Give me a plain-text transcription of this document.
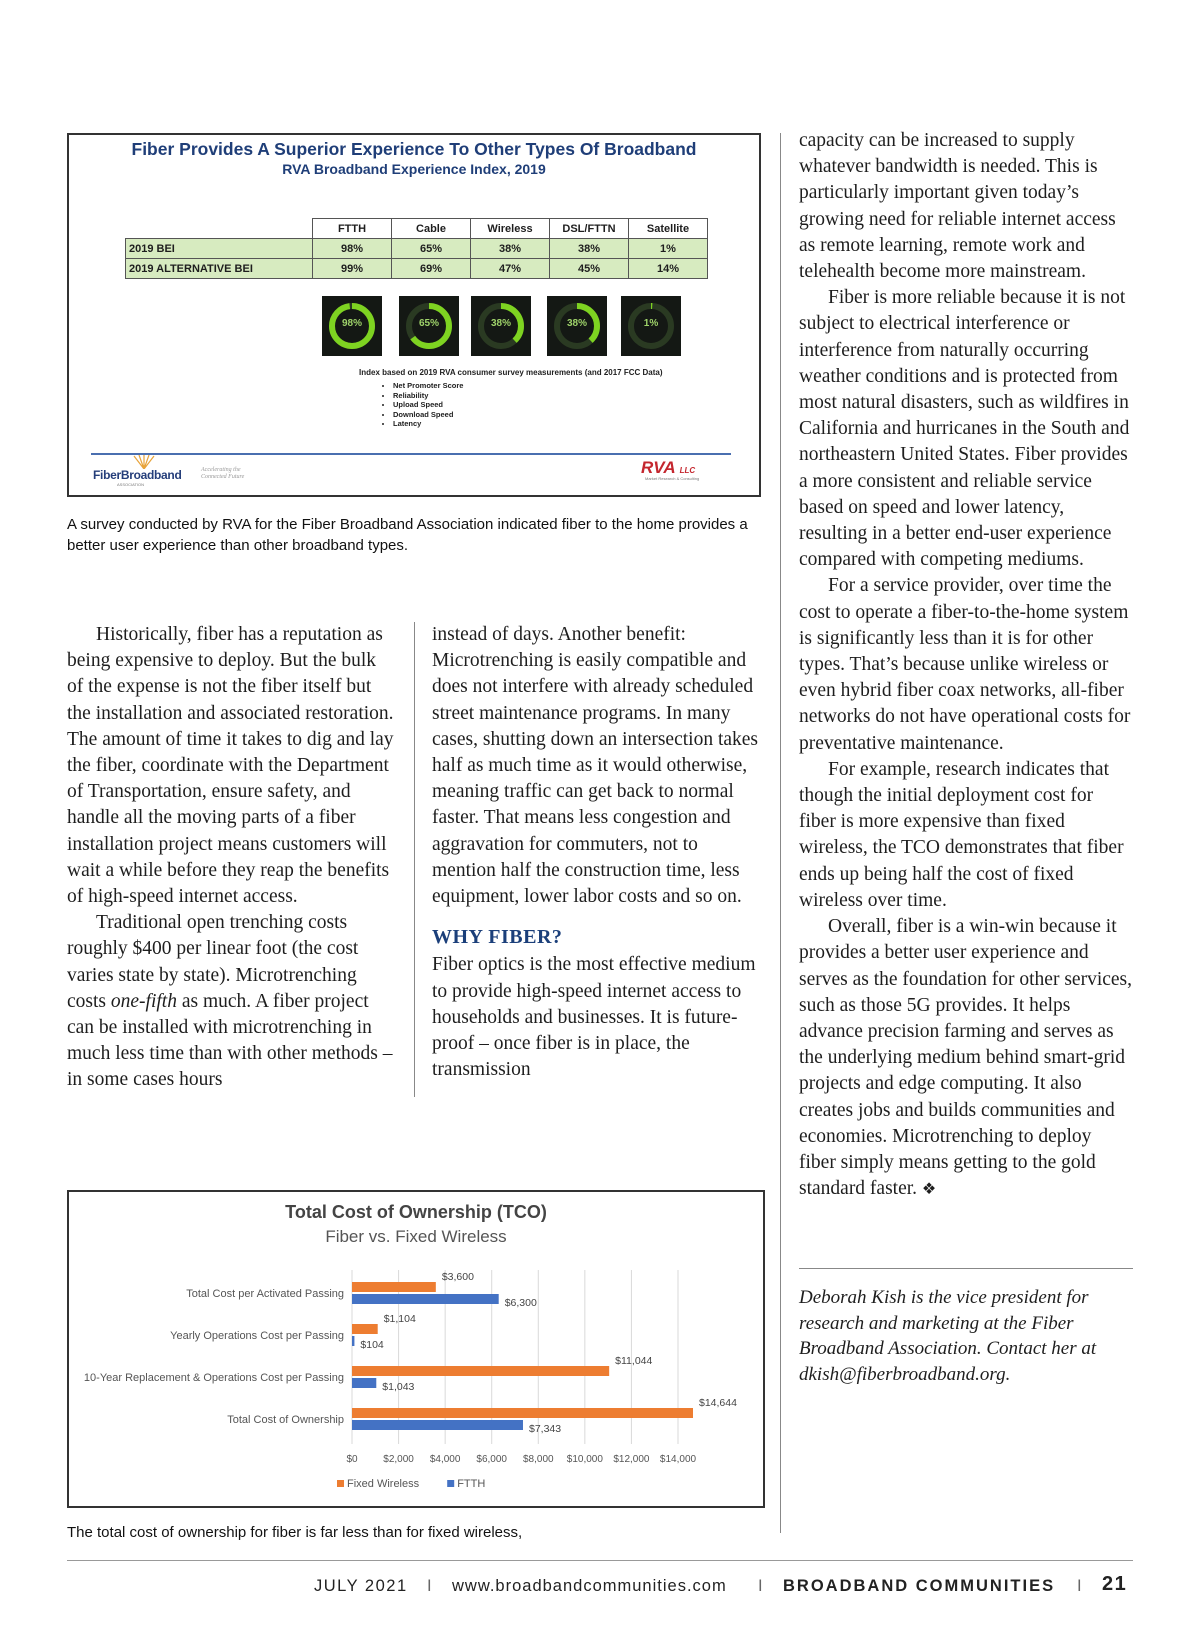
Fiber Provides A Superior Experience To Other Types Of Broadband
RVA Broadband Experience Index, 2019
	FTTH	Cable	Wireless	DSL/FTTN	Satellite
2019 BEI	98%	65%	38%	38%	1%
2019 ALTERNATIVE BEI	99%	69%	47%	45%	14%
98%	65%	38%	38%	1%
Index based on 2019 RVA consumer survey measurements (and 2017 FCC Data)
• Net Promoter Score
• Reliability
• Upload Speed
• Download Speed
• Latency
FiberBroadband
ASSOCIATION
Accelerating the Connected Future	RVA LLC
Market Research & Consulting
A survey conducted by RVA for the Fiber Broadband Association indicated fiber to the home provides a better user experience than other broadband types.

Historically, fiber has a reputation as being expensive to deploy. But the bulk of the expense is not the fiber itself but the installation and associated restoration. The amount of time it takes to dig and lay the fiber, coordinate with the Department of Transportation, ensure safety, and handle all the moving parts of a fiber installation project means customers will wait a while before they reap the benefits of high-speed internet access.

Traditional open trenching costs roughly $400 per linear foot (the cost varies state by state). Microtrenching costs one-fifth as much. A fiber project can be installed with microtrenching in much less time than with other methods – in some cases hours

instead of days. Another benefit: Microtrenching is easily compatible and does not interfere with already scheduled street maintenance programs. In many cases, shutting down an intersection takes half as much time as it would otherwise, meaning traffic can get back to normal faster. That means less congestion and aggravation for commuters, not to mention half the construction time, less equipment, lower labor costs and so on.

WHY FIBER?

Fiber optics is the most effective medium to provide high-speed internet access to households and businesses. It is future-proof – once fiber is in place, the transmission

capacity can be increased to supply whatever bandwidth is needed. This is particularly important given today’s growing need for reliable internet access as remote learning, remote work and telehealth become more mainstream.

Fiber is more reliable because it is not subject to electrical interference or interference from naturally occurring weather conditions and is protected from most natural disasters, such as wildfires in California and hurricanes in the South and northeastern United States. Fiber provides a more consistent and reliable service based on speed and lower latency, resulting in a better end-user experience compared with competing mediums.

For a service provider, over time the cost to operate a fiber-to-the-home system is significantly less than it is for other types. That’s because unlike wireless or even hybrid fiber coax networks, all-fiber networks do not have operational costs for preventative maintenance.

For example, research indicates that though the initial deployment cost for fiber is more expensive than fixed wireless, the TCO demonstrates that fiber ends up being half the cost of fixed wireless over time.

Overall, fiber is a win-win because it provides a better user experience and serves as the foundation for other services, such as those 5G provides. It helps advance precision farming and serves as the underlying medium behind smart-grid projects and edge computing. It also creates jobs and builds communities and economies. Microtrenching to deploy fiber simply means getting to the gold standard faster. ❖

Deborah Kish is the vice president for research and marketing at the Fiber Broadband Association. Contact her at dkish@fiberbroadband.org.
Total Cost of Ownership (TCO)
Fiber vs. Fixed Wireless
$0	$2,000 $4,000 $6,000 $8,000 $10,000 $12,000 $14,000
Total Cost per Activated Passing
$3,600
$6,300
Yearly Operations Cost per Passing
$1,104
$104
10-Year Replacement & Operations Cost per Passing
$11,044
$1,043
Total Cost of Ownership
$14,644
$7,343
Fixed Wireless	FTTH
The total cost of ownership for fiber is far less than for fixed wireless,
JULY 2021 I www.broadbandcommunities.com I BROADBAND COMMUNITIES I 21
